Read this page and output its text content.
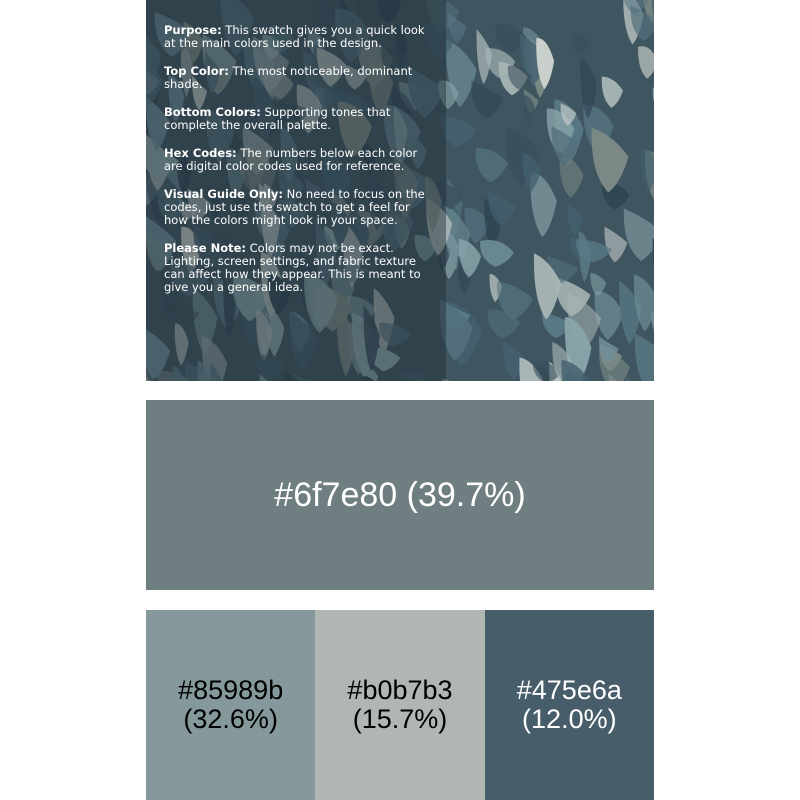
Purpose: This swatch gives you a quick look at the main colors used in the design.

Top Color: The most noticeable, dominant shade.

Bottom Colors: Supporting tones that complete the overall palette.

Hex Codes: The numbers below each color are digital color codes used for reference.

Visual Guide Only: No need to focus on the codes, just use the swatch to get a feel for how the colors might look in your space.

Please Note: Colors may not be exact. Lighting, screen settings, and fabric texture can affect how they appear. This is meant to give you a general idea.

#6f7e80 (39.7%)
#85989b
(32.6%)
#b0b7b3
(15.7%)
#475e6a
(12.0%)
